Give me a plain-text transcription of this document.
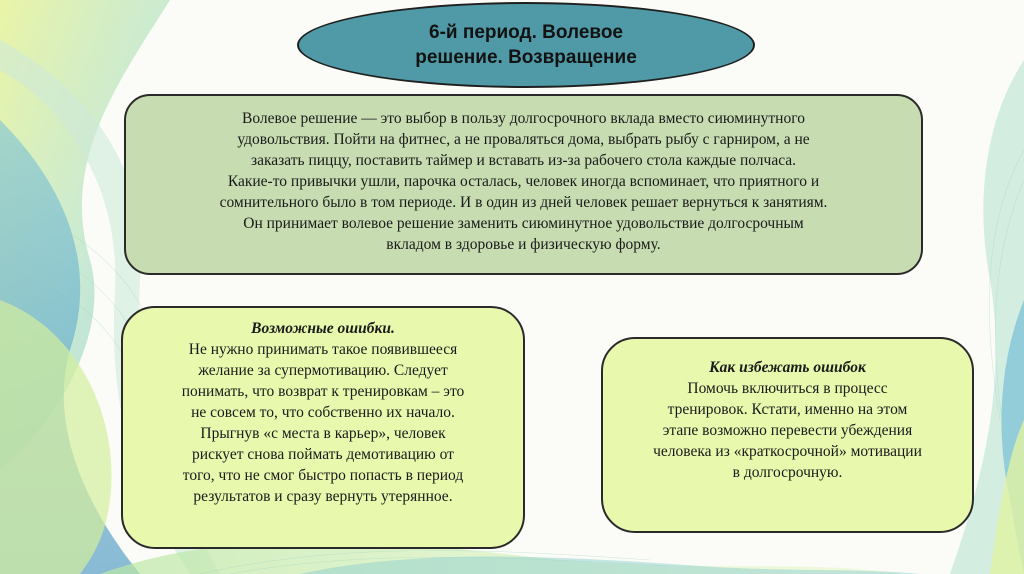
6-й период. Волевое
решение. Возвращение

Волевое решение — это выбор в пользу долгосрочного вклада вместо сиюминутного

удовольствия. Пойти на фитнес, а не проваляться дома, выбрать рыбу с гарниром, а не

заказать пиццу, поставить таймер и вставать из-за рабочего стола каждые полчаса.

Какие-то привычки ушли, парочка осталась, человек иногда вспоминает, что приятного и

сомнительного было в том периоде. И в один из дней человек решает вернуться к занятиям.

Он принимает волевое решение заменить сиюминутное удовольствие долгосрочным

вкладом в здоровье и физическую форму.

Возможные ошибки.

Не нужно принимать такое появившееся

желание за супермотивацию. Следует

понимать, что возврат к тренировкам – это

не совсем то, что собственно их начало.

Прыгнув «с места в карьер», человек

рискует снова поймать демотивацию от

того, что не смог быстро попасть в период

результатов и сразу вернуть утерянное.

Как избежать ошибок

Помочь включиться в процесс

тренировок. Кстати, именно на этом

этапе возможно перевести убеждения

человека из «краткосрочной» мотивации

в долгосрочную.
